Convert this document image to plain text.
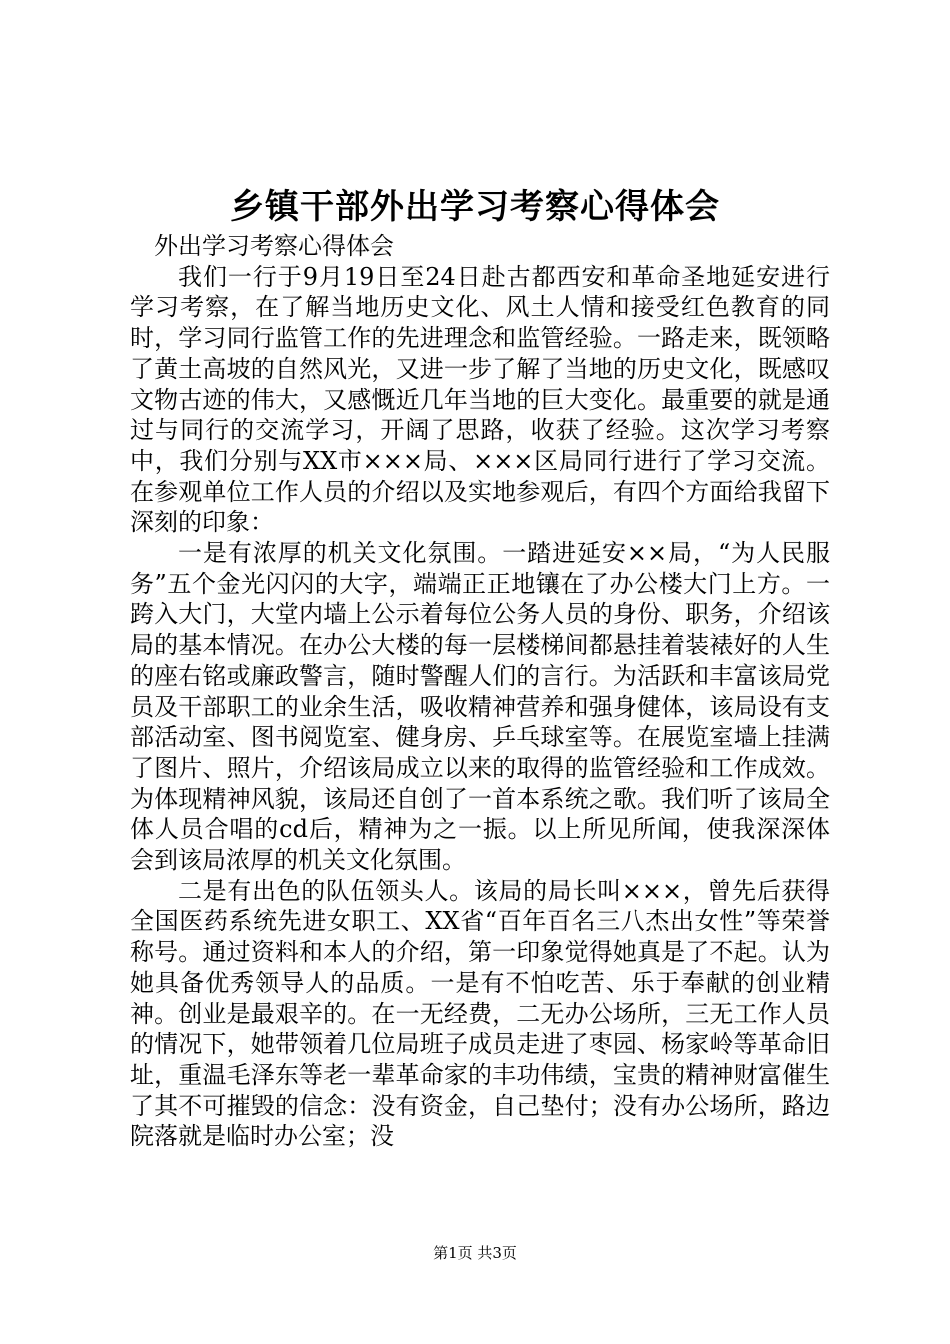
乡镇干部外出学习考察心得体会

外出学习考察心得体会

我们一行于9月19日至24日赴古都西安和革命圣地延安进行学习考察，在了解当地历史文化、风土人情和接受红色教育的同时，学习同行监管工作的先进理念和监管经验。一路走来，既领略了黄土高坡的自然风光，又进一步了解了当地的历史文化，既感叹文物古迹的伟大，又感慨近几年当地的巨大变化。最重要的就是通过与同行的交流学习，开阔了思路，收获了经验。这次学习考察中，我们分别与XX市×××局、×××区局同行进行了学习交流。在参观单位工作人员的介绍以及实地参观后，有四个方面给我留下深刻的印象：

一是有浓厚的机关文化氛围。一踏进延安××局，“为人民服务”五个金光闪闪的大字，端端正正地镶在了办公楼大门上方。一跨入大门，大堂内墙上公示着每位公务人员的身份、职务，介绍该局的基本情况。在办公大楼的每一层楼梯间都悬挂着装裱好的人生的座右铭或廉政警言，随时警醒人们的言行。为活跃和丰富该局党员及干部职工的业余生活，吸收精神营养和强身健体，该局设有支部活动室、图书阅览室、健身房、乒乓球室等。在展览室墙上挂满了图片、照片，介绍该局成立以来的取得的监管经验和工作成效。为体现精神风貌，该局还自创了一首本系统之歌。我们听了该局全体人员合唱的cd后，精神为之一振。以上所见所闻，使我深深体会到该局浓厚的机关文化氛围。

二是有出色的队伍领头人。该局的局长叫×××，曾先后获得全国医药系统先进女职工、XX省“百年百名三八杰出女性”等荣誉称号。通过资料和本人的介绍，第一印象觉得她真是了不起。认为她具备优秀领导人的品质。一是有不怕吃苦、乐于奉献的创业精神。创业是最艰辛的。在一无经费，二无办公场所，三无工作人员的情况下，她带领着几位局班子成员走进了枣园、杨家岭等革命旧址，重温毛泽东等老一辈革命家的丰功伟绩，宝贵的精神财富催生了其不可摧毁的信念：没有资金，自己垫付；没有办公场所，路边院落就是临时办公室；没

第1页 共3页
